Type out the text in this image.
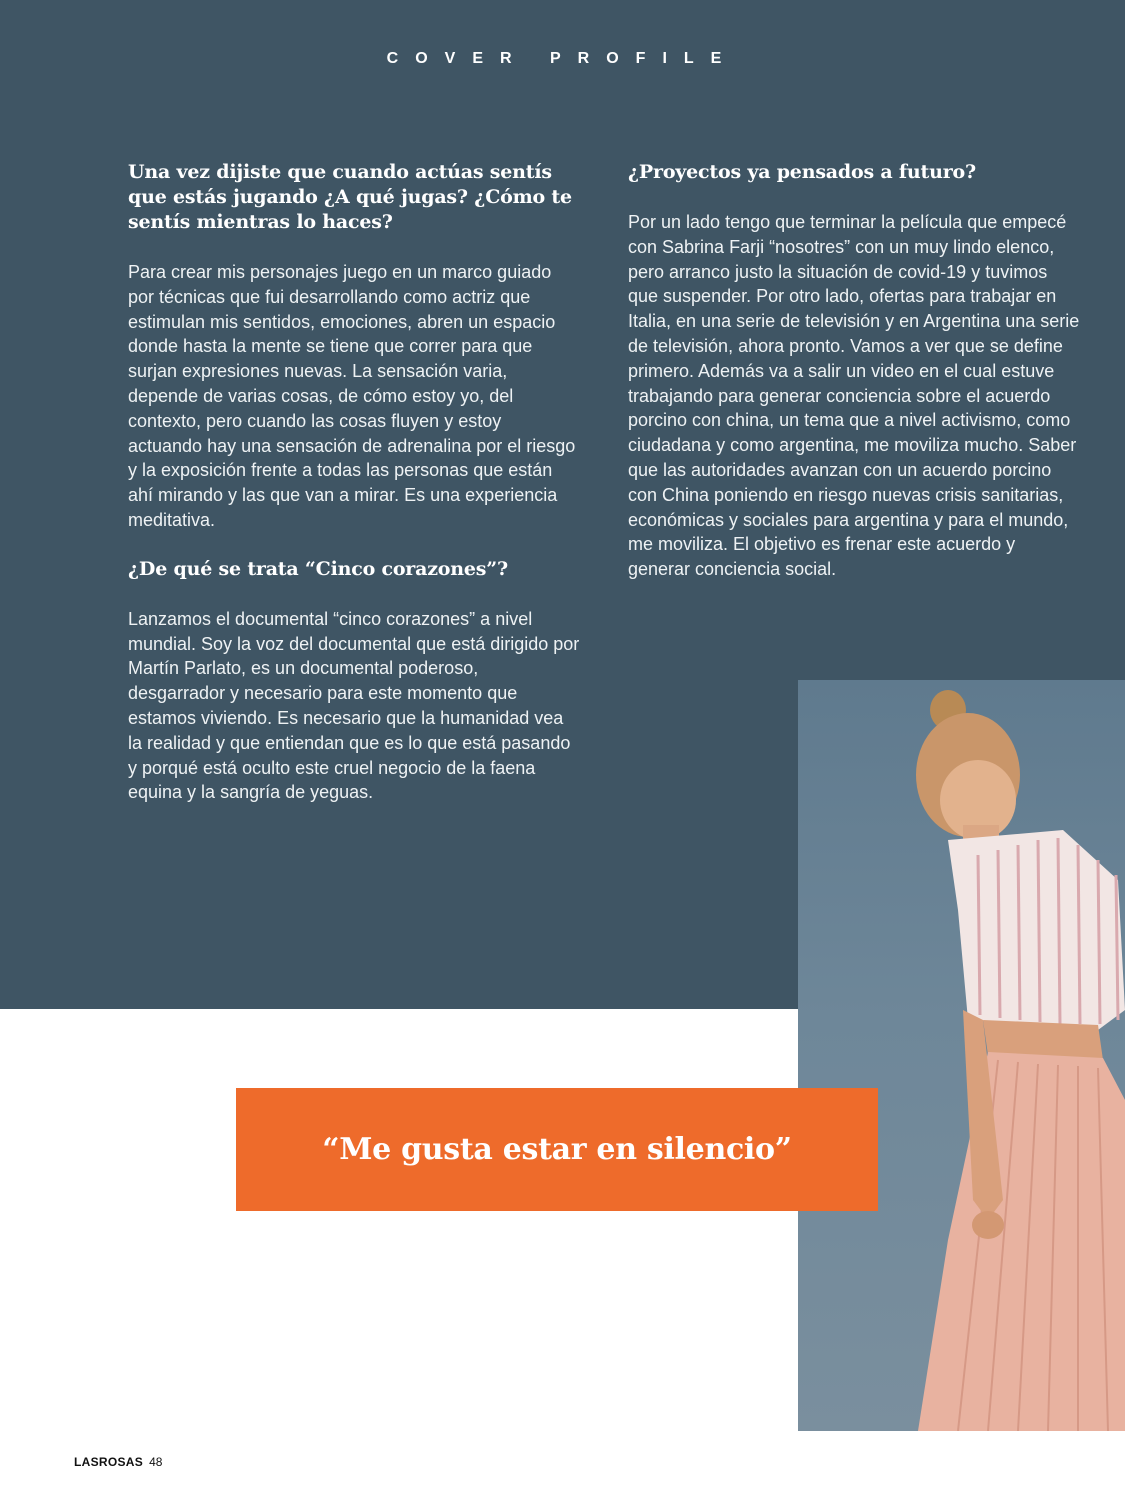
COVER PROFILE
Una vez dijiste que cuando actúas sentís que estás jugando ¿A qué jugas? ¿Cómo te sentís mientras lo haces?

Para crear mis personajes juego en un marco guiado por técnicas que fui desarrollando como actriz que estimulan mis sentidos, emociones, abren un espacio donde hasta la mente se tiene que correr para que surjan expresiones nuevas. La sensación varia, depende de varias cosas, de cómo estoy yo, del contexto, pero cuando las cosas fluyen y estoy actuando hay una sensación de adrenalina por el riesgo y la exposición frente a todas las personas que están ahí mirando y las que van a mirar. Es una experiencia meditativa.

¿De qué se trata “Cinco corazones”?

Lanzamos el documental “cinco corazones” a nivel mundial. Soy la voz del documental que está dirigido por Martín Parlato, es un documental poderoso, desgarrador y necesario para este momento que estamos viviendo. Es necesario que la humanidad vea la realidad y que entiendan que es lo que está pasando y porqué está oculto este cruel negocio de la faena equina y la sangría de yeguas.

¿Proyectos ya pensados a futuro?

Por un lado tengo que terminar la película que empecé con Sabrina Farji “nosotres” con un muy lindo elenco, pero arranco justo la situación de covid-19 y tuvimos que suspender. Por otro lado, ofertas para trabajar en Italia, en una serie de televisión y en Argentina una serie de televisión, ahora pronto. Vamos a ver que se define primero. Además va a salir un video en el cual estuve trabajando para generar conciencia sobre el acuerdo porcino con china, un tema que a nivel activismo, como ciudadana y como argentina, me moviliza mucho. Saber que las autoridades avanzan con un acuerdo porcino con China poniendo en riesgo nuevas crisis sanitarias, económicas y sociales para argentina y para el mundo, me moviliza. El objetivo es frenar este acuerdo y generar conciencia social.

“Me gusta estar en silencio”

LASROSAS 48
